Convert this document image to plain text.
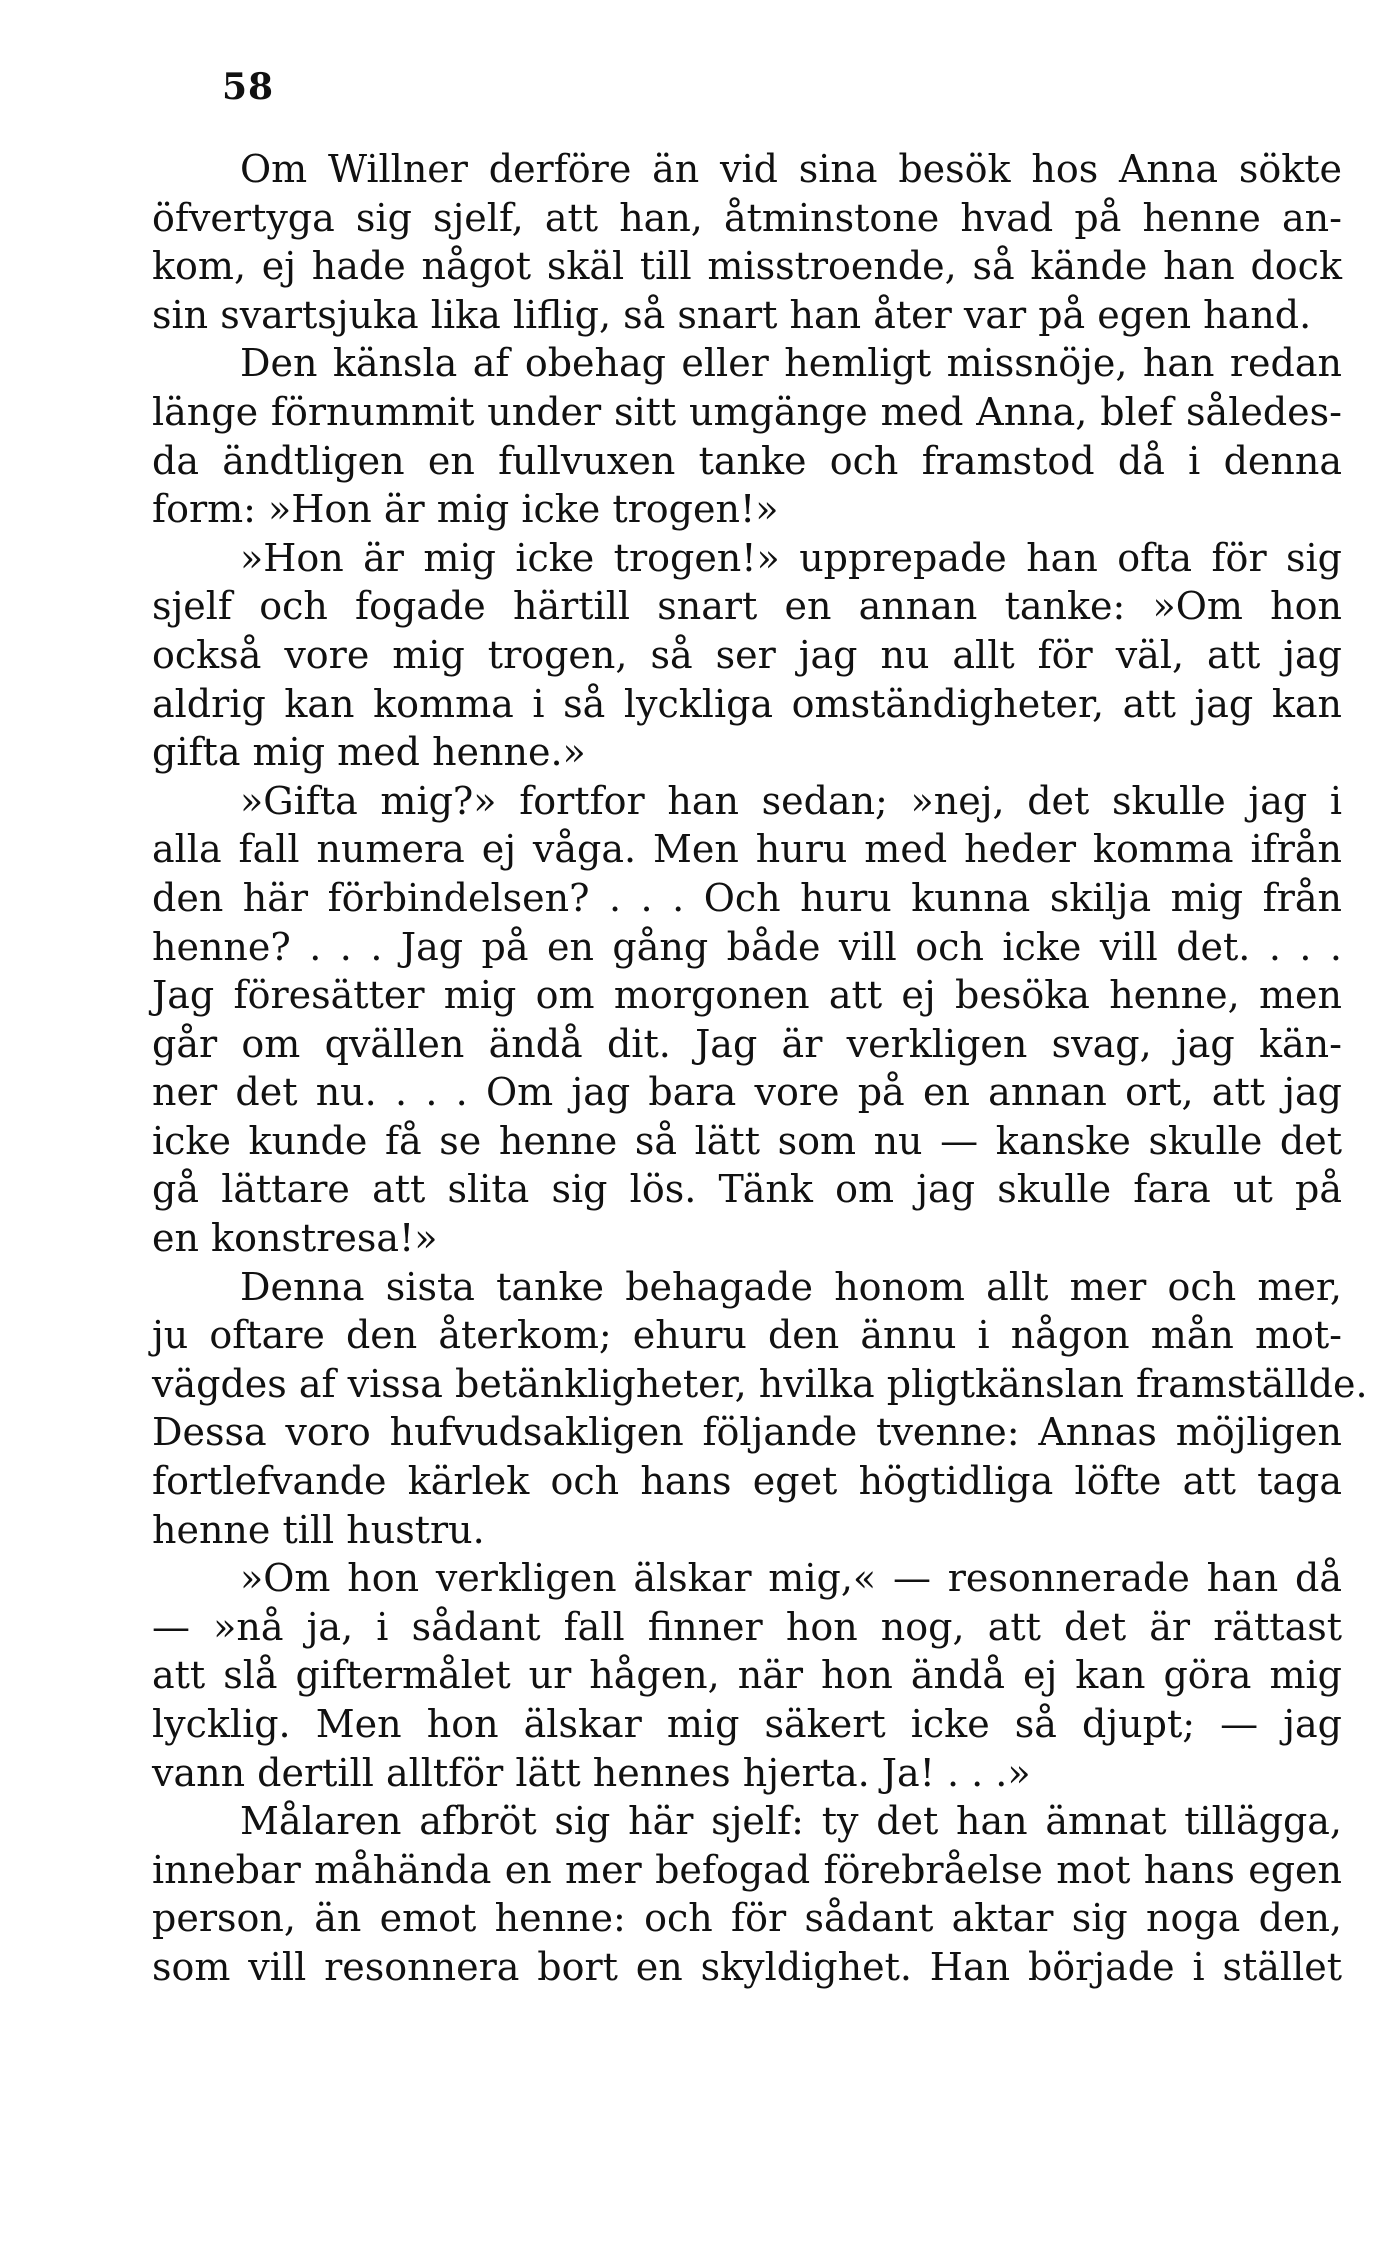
58
Om Willner derföre än vid sina besök hos Anna sökte
öfvertyga sig sjelf, att han, åtminstone hvad på henne an-
kom, ej hade något skäl till misstroende, så kände han dock
sin svartsjuka lika liflig, så snart han åter var på egen hand.
Den känsla af obehag eller hemligt missnöje, han redan
länge förnummit under sitt umgänge med Anna, blef således-
da ändtligen en fullvuxen tanke och framstod då i denna
form: »Hon är mig icke trogen!»
»Hon är mig icke trogen!» upprepade han ofta för sig
sjelf och fogade härtill snart en annan tanke: »Om hon
också vore mig trogen, så ser jag nu allt för väl, att jag
aldrig kan komma i så lyckliga omständigheter, att jag kan
gifta mig med henne.»
»Gifta mig?» fortfor han sedan; »nej, det skulle jag i
alla fall numera ej våga. Men huru med heder komma ifrån
den här förbindelsen? . . . Och huru kunna skilja mig från
henne? . . . Jag på en gång både vill och icke vill det. . . .
Jag föresätter mig om morgonen att ej besöka henne, men
går om qvällen ändå dit. Jag är verkligen svag, jag kän-
ner det nu. . . . Om jag bara vore på en annan ort, att jag
icke kunde få se henne så lätt som nu — kanske skulle det
gå lättare att slita sig lös. Tänk om jag skulle fara ut på
en konstresa!»
Denna sista tanke behagade honom allt mer och mer,
ju oftare den återkom; ehuru den ännu i någon mån mot-
vägdes af vissa betänkligheter, hvilka pligtkänslan framställde.
Dessa voro hufvudsakligen följande tvenne: Annas möjligen
fortlefvande kärlek och hans eget högtidliga löfte att taga
henne till hustru.
»Om hon verkligen älskar mig,« — resonnerade han då
— »nå ja, i sådant fall finner hon nog, att det är rättast
att slå giftermålet ur hågen, när hon ändå ej kan göra mig
lycklig. Men hon älskar mig säkert icke så djupt; — jag
vann dertill alltför lätt hennes hjerta. Ja! . . .»
Målaren afbröt sig här sjelf: ty det han ämnat tillägga,
innebar måhända en mer befogad förebråelse mot hans egen
person, än emot henne: och för sådant aktar sig noga den,
som vill resonnera bort en skyldighet. Han började i stället
